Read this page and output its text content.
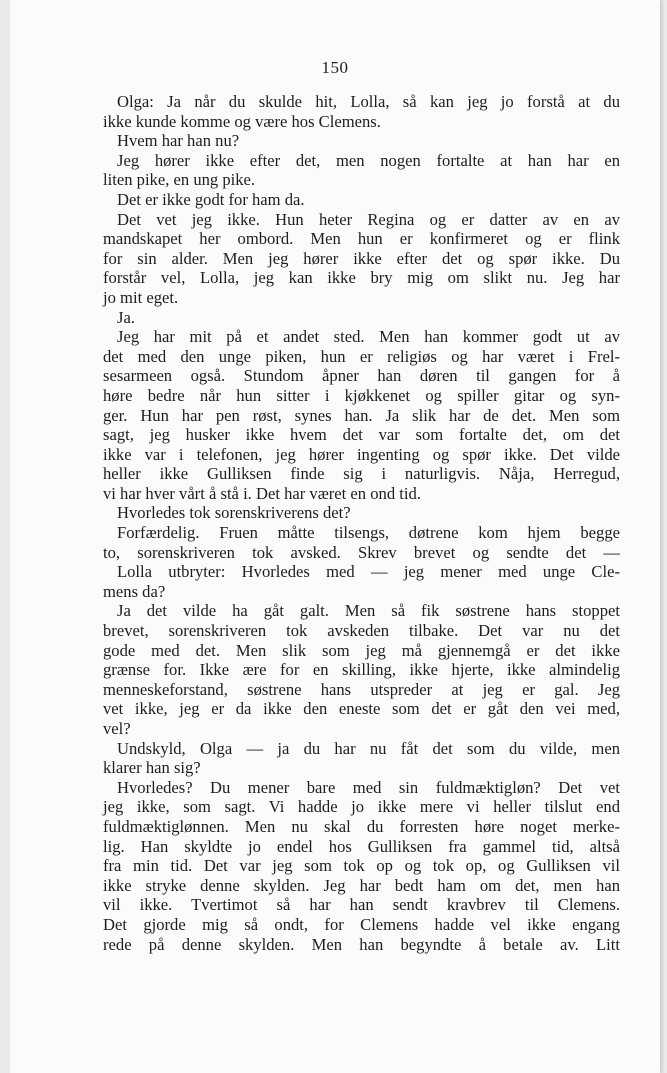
150
Olga: Ja når du skulde hit, Lolla, så kan jeg jo forstå at du
ikke kunde komme og være hos Clemens.
Hvem har han nu?
Jeg hører ikke efter det, men nogen fortalte at han har en
liten pike, en ung pike.
Det er ikke godt for ham da.
Det vet jeg ikke. Hun heter Regina og er datter av en av
mandskapet her ombord. Men hun er konfirmeret og er flink
for sin alder. Men jeg hører ikke efter det og spør ikke. Du
forstår vel, Lolla, jeg kan ikke bry mig om slikt nu. Jeg har
jo mit eget.
Ja.
Jeg har mit på et andet sted. Men han kommer godt ut av
det med den unge piken, hun er religiøs og har været i Frel-
sesarmeen også. Stundom åpner han døren til gangen for å
høre bedre når hun sitter i kjøkkenet og spiller gitar og syn-
ger. Hun har pen røst, synes han. Ja slik har de det. Men som
sagt, jeg husker ikke hvem det var som fortalte det, om det
ikke var i telefonen, jeg hører ingenting og spør ikke. Det vilde
heller ikke Gulliksen finde sig i naturligvis. Nåja, Herregud,
vi har hver vårt å stå i. Det har været en ond tid.
Hvorledes tok sorenskriverens det?
Forfærdelig. Fruen måtte tilsengs, døtrene kom hjem begge
to, sorenskriveren tok avsked. Skrev brevet og sendte det —
Lolla utbryter: Hvorledes med — jeg mener med unge Cle-
mens da?
Ja det vilde ha gåt galt. Men så fik søstrene hans stoppet
brevet, sorenskriveren tok avskeden tilbake. Det var nu det
gode med det. Men slik som jeg må gjennemgå er det ikke
grænse for. Ikke ære for en skilling, ikke hjerte, ikke almindelig
menneskeforstand, søstrene hans utspreder at jeg er gal. Jeg
vet ikke, jeg er da ikke den eneste som det er gåt den vei med,
vel?
Undskyld, Olga — ja du har nu fåt det som du vilde, men
klarer han sig?
Hvorledes? Du mener bare med sin fuldmæktigløn? Det vet
jeg ikke, som sagt. Vi hadde jo ikke mere vi heller tilslut end
fuldmæktiglønnen. Men nu skal du forresten høre noget merke-
lig. Han skyldte jo endel hos Gulliksen fra gammel tid, altså
fra min tid. Det var jeg som tok op og tok op, og Gulliksen vil
ikke stryke denne skylden. Jeg har bedt ham om det, men han
vil ikke. Tvertimot så har han sendt kravbrev til Clemens.
Det gjorde mig så ondt, for Clemens hadde vel ikke engang
rede på denne skylden. Men han begyndte å betale av. Litt
